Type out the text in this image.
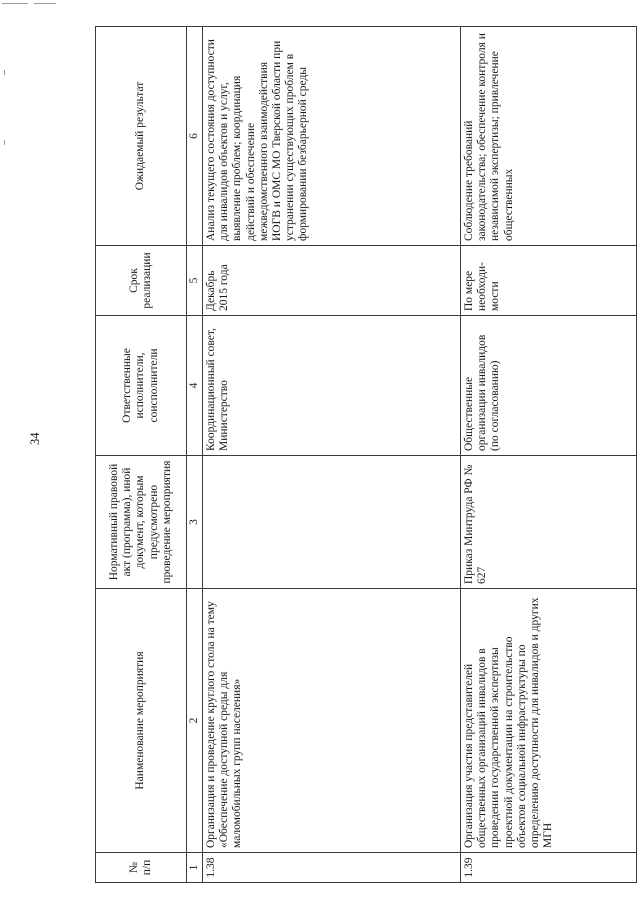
34
№ п/п	Наименование мероприятия	Нормативный правовой акт (программа), иной документ, которым предусмотрено проведение мероприятия	Ответственные исполнители, соисполнители	Срок реализации	Ожидаемый результат
1	2	3	4	5	6
1.38	Организация и проведение круглого стола на тему «Обеспечение доступной среды для маломобильных групп населения»		Координационный совет, Министерство	Декабрь 2015 года	Анализ текущего состояния доступности для инвалидов объектов и услуг, выявление проблем; координация действий и обеспечение межведомственного взаимодействия ИОГВ и ОМС МО Тверской области при устранении существующих проблем в формировании безбарьерной среды
1.39	Организация участия представителей общественных организаций инвалидов в проведении государственной экспертизы проектной документации на строительство объектов социальной инфраструктуры по определению доступности для инвалидов и других МГН	Приказ Минтруда РФ № 627	Общественные организации инвалидов (по согласованию)	По мере необходи-мости	Соблюдение требований законодательства; обеспечение контроля и независимой экспертизы; привлечение общественных
